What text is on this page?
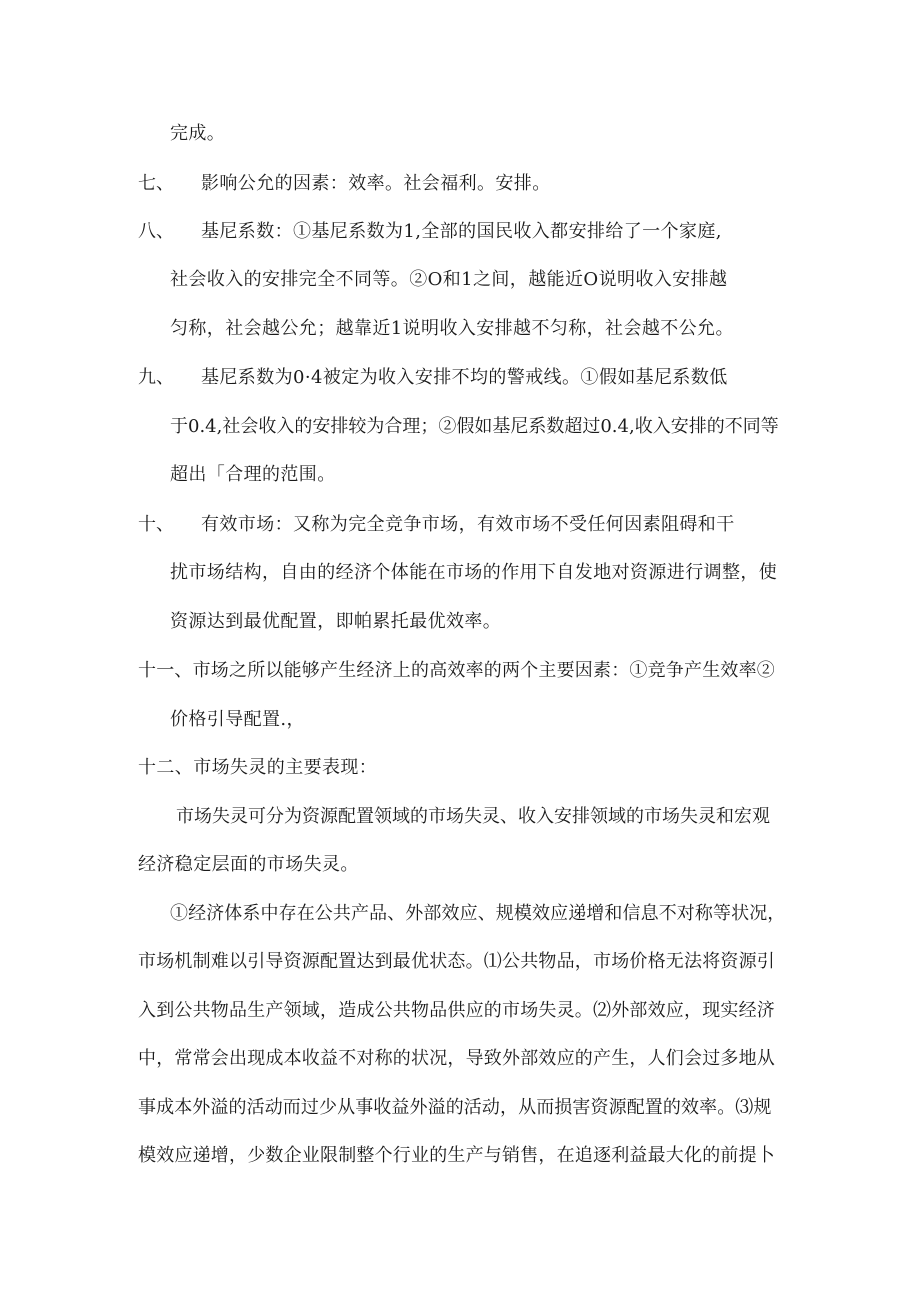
完成。
七、 影响公允的因素：效率。社会福利。安排。
八、 基尼系数：①基尼系数为1,全部的国民收入都安排给了一个家庭,
社会收入的安排完全不同等。②O和1之间，越能近O说明收入安排越
匀称，社会越公允；越靠近1说明收入安排越不匀称，社会越不公允。
九、 基尼系数为0·4被定为收入安排不均的警戒线。①假如基尼系数低
于0.4,社会收入的安排较为合理；②假如基尼系数超过0.4,收入安排的不同等
超出「合理的范围。
十、 有效市场：又称为完全竞争市场，有效市场不受任何因素阻碍和干
扰市场结构，自由的经济个体能在市场的作用下自发地对资源进行调整，使
资源达到最优配置，即帕累托最优效率。
十一、市场之所以能够产生经济上的高效率的两个主要因素：①竞争产生效率②
价格引导配置.，
十二、市场失灵的主要表现：
市场失灵可分为资源配置领域的市场失灵、收入安排领域的市场失灵和宏观
经济稳定层面的市场失灵。
①经济体系中存在公共产品、外部效应、规模效应递增和信息不对称等状况，
市场机制难以引导资源配置达到最优状态。⑴公共物品，市场价格无法将资源引
入到公共物品生产领域，造成公共物品供应的市场失灵。⑵外部效应，现实经济
中，常常会出现成本收益不对称的状况，导致外部效应的产生，人们会过多地从
事成本外溢的活动而过少从事收益外溢的活动，从而损害资源配置的效率。⑶规
模效应递增，少数企业限制整个行业的生产与销售，在追逐利益最大化的前提卜
